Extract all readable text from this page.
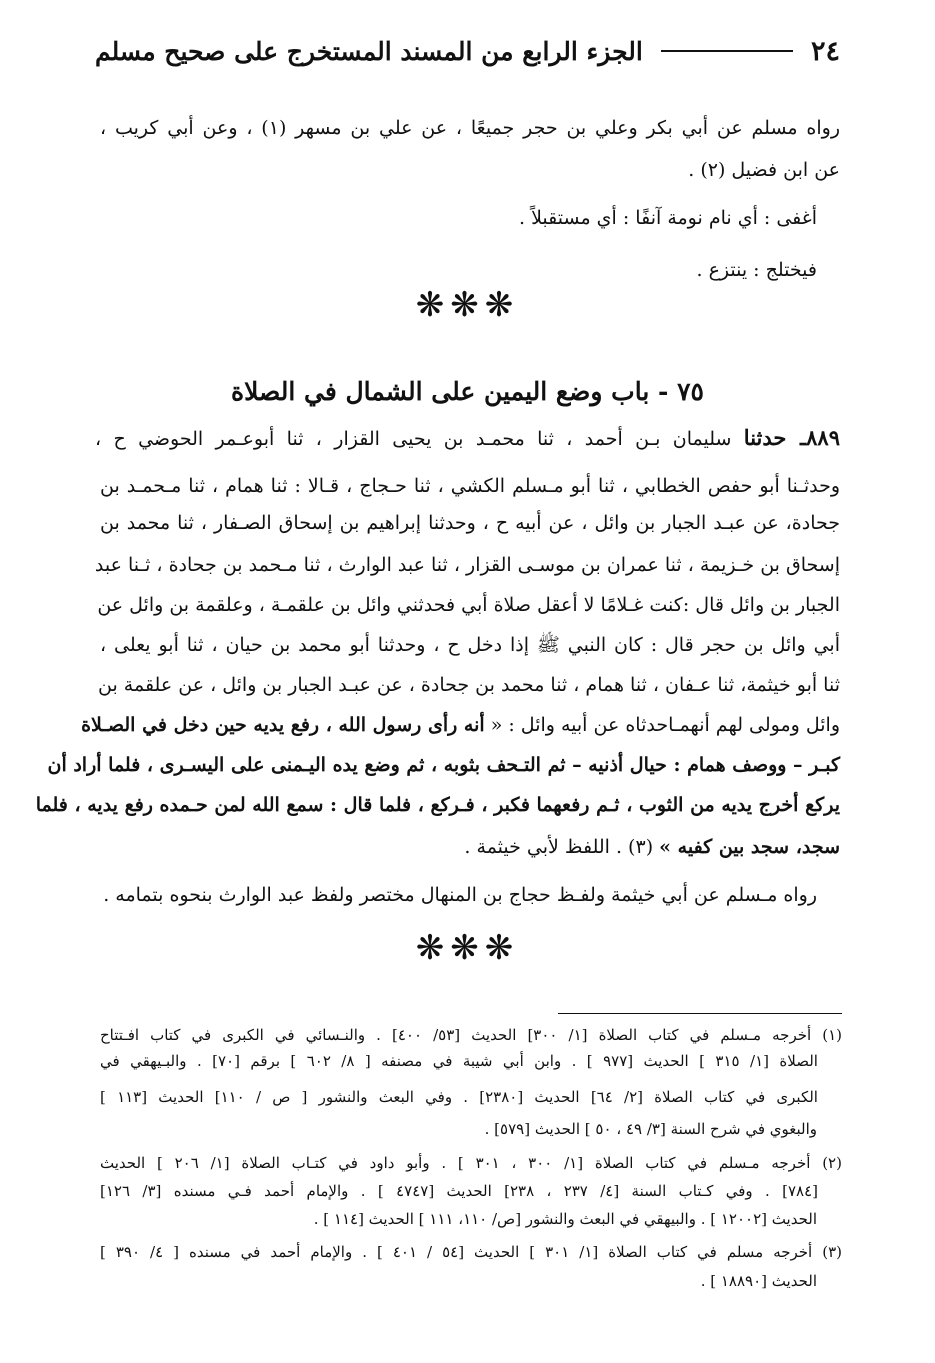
الجزء الرابع من المسند المستخرج على صحيح مسلم	٢٤
رواه مسلم عن أبي بكر وعلي بن حجر جميعًا ، عن علي بن مسهر (١) ، وعن أبي كريب ،
عن ابن فضيل (٢) .
أغفى : أي نام نومة آنفًا : أي مستقبلاً .
فيختلج : ينتزع .
❋❋❋
٧٥ - باب وضع اليمين على الشمال في الصلاة
٨٨٩ـ حدثنا سليمان بـن أحمد ، ثنا محمـد بن يحيى القزار ، ثنا أبوعـمر الحوضي ح ،
وحدثـنا أبو حفص الخطابي ، ثنا أبو مـسلم الكشي ، ثنا حـجاج ، قـالا : ثنا همام ، ثنا مـحمـد بن
جحادة، عن عبـد الجبار بن وائل ، عن أبيه ح ، وحدثنا إبراهيم بن إسحاق الصـفار ، ثنا محمد بن
إسحاق بن خـزيمة ، ثنا عمران بن موسـى القزار ، ثنا عبد الوارث ، ثنا مـحمد بن جحادة ، ثـنا عبد
الجبار بن وائل قال :كنت غـلامًا لا أعقل صلاة أبي فحدثني وائل بن علقمـة ، وعلقمة بن وائل عن
أبي وائل بن حجر قال : كان النبي ﷺ إذا دخل ح ، وحدثنا أبو محمد بن حيان ، ثنا أبو يعلى ،
ثنا أبو خيثمة، ثنا عـفان ، ثنا همام ، ثنا محمد بن جحادة ، عن عبـد الجبار بن وائل ، عن علقمة بن
وائل ومولى لهم أنهمـاحدثاه عن أبيه وائل : « أنه رأى رسول الله ، رفع يديه حين دخل في الصـلاة
كبـر – ووصف همام : حيال أذنيه – ثم التـحف بثوبه ، ثم وضع يده اليـمنى على اليسـرى ، فلما أراد أن
يركع أخرج يديه من الثوب ، ثـم رفعهما فكبر ، فـركع ، فلما قال : سمع الله لمن حـمده رفع يديه ، فلما
سجد، سجد بين كفيه » (٣) . اللفظ لأبي خيثمة .
رواه مـسلم عن أبي خيثمة ولفـظ حجاج بن المنهال مختصر ولفظ عبد الوارث بنحوه بتمامه .
❋❋❋
(١) أخرجه مـسلم في كتاب الصلاة [١/ ٣٠٠] الحديث [٥٣/ ٤٠٠] . والنـسائي في الكبرى في كتاب افـتتاح
الصلاة [١/ ٣١٥ ] الحديث [٩٧٧ ] . وابن أبي شيبة في مصنفه [ ٨/ ٦٠٢ ] برقم [٧٠] . والبـيهقي في
الكبرى في كتاب الصلاة [٢/ ٦٤] الحديث [٢٣٨٠] . وفي البعث والنشور [ ص / ١١٠] الحديث [١١٣ ]
والبغوي في شرح السنة [٣/ ٤٩ ، ٥٠ ] الحديث [٥٧٩] .
(٢) أخرجه مـسلم في كتاب الصلاة [١/ ٣٠٠ ، ٣٠١ ] . وأبو داود في كتـاب الصلاة [١/ ٢٠٦ ] الحديث
[٧٨٤] . وفي كـتاب السنة [٤/ ٢٣٧ ، ٢٣٨] الحديث [٤٧٤٧ ] . والإمام أحمد فـي مسنده [٣/ ١٢٦]
الحديث [١٢٠٠٢ ] . والبيهقي في البعث والنشور [ص/ ١١٠، ١١١ ] الحديث [١١٤ ] .
(٣) أخرجه مسلم في كتاب الصلاة [١/ ٣٠١ ] الحديث [٥٤ / ٤٠١ ] . والإمام أحمد في مسنده [ ٤/ ٣٩٠ ]
الحديث [١٨٨٩٠ ] .
